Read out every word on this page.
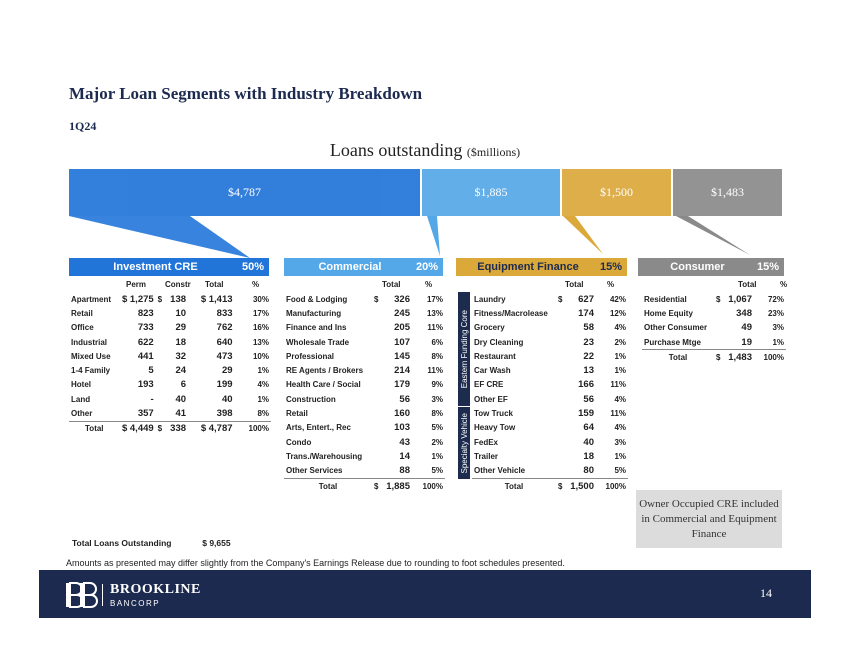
Major Loan Segments with Industry Breakdown
1Q24
Loans outstanding ($millions)
$4,787	$1,885	$1,500	$1,483
Investment CRE	50%	Commercial	20%	Equipment Finance	15%	Consumer	15%
Perm Constr Total	%	Total	%	Total	%	Total	%
Apartment	$ 1,275	$	138	$ 1,413	30%
Retail	823		10	833	17%
Office	733		29	762	16%
Industrial	622		18	640	13%
Mixed Use	441		32	473	10%
1-4 Family	5		24	29	1%
Hotel	193		6	199	4%
Land	-		40	40	1%
Other	357		41	398	8%
Total	$ 4,449	$	338	$ 4,787	100%
Food & Lodging	$	326	17%
Manufacturing		245	13%
Finance and Ins		205	11%
Wholesale Trade		107	6%
Professional		145	8%
RE Agents / Brokers		214	11%
Health Care / Social		179	9%
Construction		56	3%
Retail		160	8%
Arts, Entert., Rec		103	5%
Condo		43	2%
Trans./Warehousing		14	1%
Other Services		88	5%
Total	$	1,885	100%
Laundry	$	627	42%
Fitness/Macrolease		174	12%
Grocery		58	4%
Dry Cleaning		23	2%
Restaurant		22	1%
Car Wash		13	1%
EF CRE		166	11%
Other EF		56	4%
Tow Truck		159	11%
Heavy Tow		64	4%
FedEx		40	3%
Trailer		18	1%
Other Vehicle		80	5%
Total	$	1,500	100%
Eastern Funding Core
Specialty Vehicle
Residential	$	1,067	72%
Home Equity		348	23%
Other Consumer		49	3%
Purchase Mtge		19	1%
Total	$	1,483	100%
Owner Occupied CRE included in Commercial and Equipment Finance
Total Loans Outstanding	$ 9,655
Amounts as presented may differ slightly from the Company's Earnings Release due to rounding to foot schedules presented.
BROOKLINE
BANCORP
14
